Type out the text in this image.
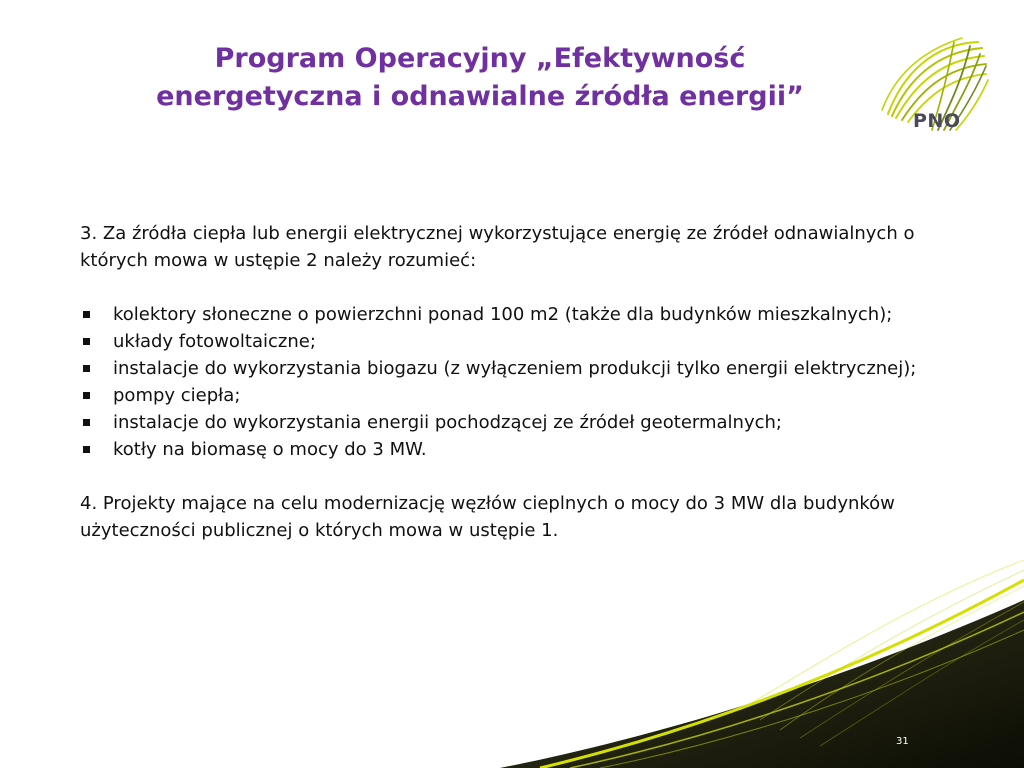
Program Operacyjny „Efektywność
energetyczna i odnawialne źródła energii”
PNO

3. Za źródła ciepła lub energii elektrycznej wykorzystujące energię ze źródeł odnawialnych o których mowa w ustępie 2 należy rozumieć:

kolektory słoneczne o powierzchni ponad 100 m2 (także dla budynków mieszkalnych);
układy fotowoltaiczne;
instalacje do wykorzystania biogazu (z wyłączeniem produkcji tylko energii elektrycznej);
pompy ciepła;
instalacje do wykorzystania energii pochodzącej ze źródeł geotermalnych;
kotły na biomasę o mocy do 3 MW.

4. Projekty mające na celu modernizację węzłów cieplnych o mocy do 3 MW dla budynków użyteczności publicznej o których mowa w ustępie 1.

31
